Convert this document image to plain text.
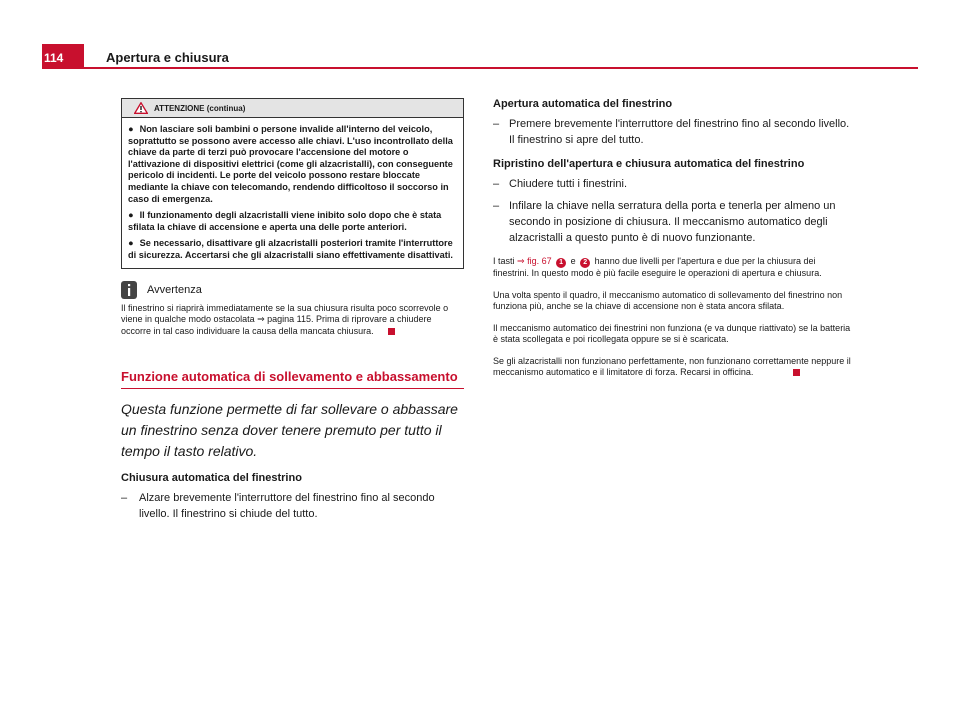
114	Apertura e chiusura
ATTENZIONE (continua)

● Non lasciare soli bambini o persone invalide all'interno del veicolo, soprattutto se possono avere accesso alle chiavi. L'uso incontrollato della chiave da parte di terzi può provocare l'accensione del motore o l'attivazione di dispositivi elettrici (come gli alzacristalli), con conseguente pericolo di incidenti. Le porte del veicolo possono restare bloccate mediante la chiave con telecomando, rendendo difficoltoso il soccorso in caso di emergenza.

● Il funzionamento degli alzacristalli viene inibito solo dopo che è stata sfilata la chiave di accensione e aperta una delle porte anteriori.

● Se necessario, disattivare gli alzacristalli posteriori tramite l'interruttore di sicurezza. Accertarsi che gli alzacristalli siano effettivamente disattivati.

Avvertenza
Il finestrino si riaprirà immediatamente se la sua chiusura risulta poco scorrevole o viene in qualche modo ostacolata ⇒ pagina 115. Prima di riprovare a chiudere occorre in tal caso individuare la causa della mancata chiusura.
Funzione automatica di sollevamento e abbassamento
Questa funzione permette di far sollevare o abbassare un finestrino senza dover tenere premuto per tutto il tempo il tasto relativo.
Chiusura automatica del finestrino
–	Alzare brevemente l'interruttore del finestrino fino al secondo livello. Il finestrino si chiude del tutto.
Apertura automatica del finestrino
– Premere brevemente l'interruttore del finestrino fino al secondo livello. Il finestrino si apre del tutto.
Ripristino dell'apertura e chiusura automatica del finestrino
– Chiudere tutti i finestrini.
– Infilare la chiave nella serratura della porta e tenerla per almeno un secondo in posizione di chiusura. Il meccanismo automatico degli alzacristalli a questo punto è di nuovo funzionante.
I tasti ⇒ fig. 67 1 e 2 hanno due livelli per l'apertura e due per la chiusura dei finestrini. In questo modo è più facile eseguire le operazioni di apertura e chiusura.
Una volta spento il quadro, il meccanismo automatico di sollevamento del finestrino non funziona più, anche se la chiave di accensione non è stata ancora sfilata.
Il meccanismo automatico dei finestrini non funziona (e va dunque riattivato) se la batteria è stata scollegata e poi ricollegata oppure se si è scaricata.
Se gli alzacristalli non funzionano perfettamente, non funzionano correttamente neppure il meccanismo automatico e il limitatore di forza. Recarsi in officina.
